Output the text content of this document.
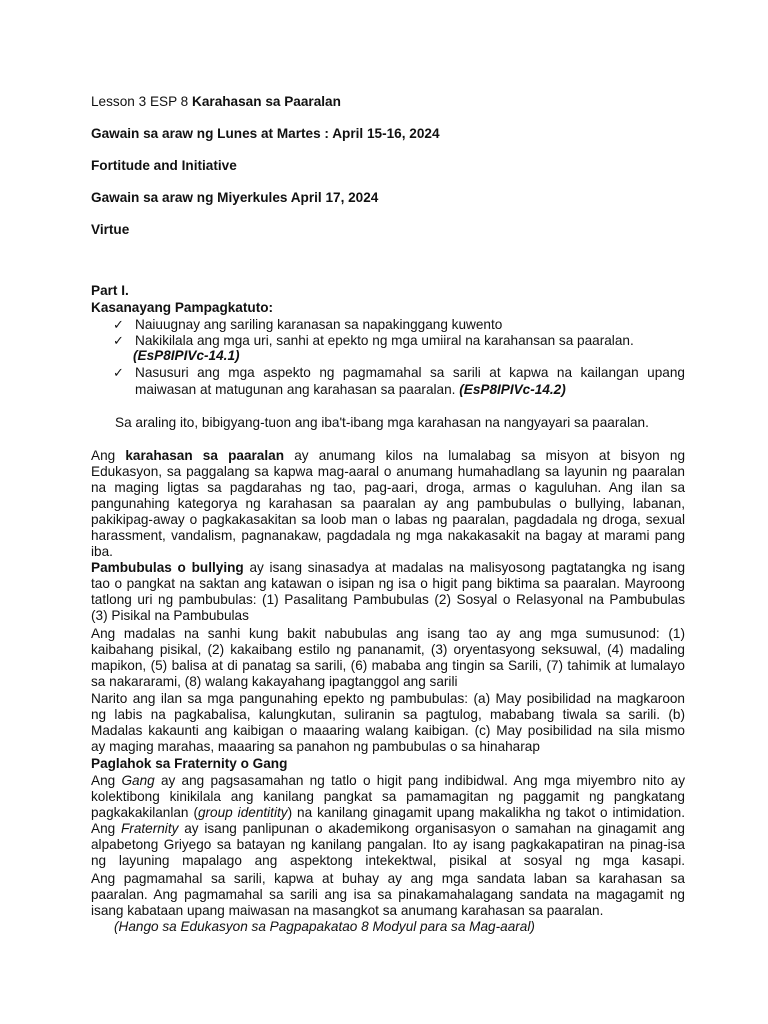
Lesson 3 ESP 8 Karahasan sa Paaralan
Gawain sa araw ng Lunes at Martes : April 15-16, 2024
Fortitude and Initiative
Gawain sa araw ng Miyerkules April 17, 2024
Virtue
Part I.
Kasanayang Pampagkatuto:
✓ Naiuugnay ang sariling karanasan sa napakinggang kuwento
✓ Nakikilala ang mga uri, sanhi at epekto ng mga umiiral na karahansan sa paaralan.
(EsP8IPIVc-14.1)
✓ Nasusuri ang mga aspekto ng pagmamahal sa sarili at kapwa na kailangan upang
maiwasan at matugunan ang karahasan sa paaralan. (EsP8IPIVc-14.2)
Sa araling ito, bibigyang-tuon ang iba't-ibang mga karahasan na nangyayari sa paaralan.
Ang karahasan sa paaralan ay anumang kilos na lumalabag sa misyon at bisyon ng
Edukasyon, sa paggalang sa kapwa mag-aaral o anumang humahadlang sa layunin ng paaralan
na maging ligtas sa pagdarahas ng tao, pag-aari, droga, armas o kaguluhan. Ang ilan sa
pangunahing kategorya ng karahasan sa paaralan ay ang pambubulas o bullying, labanan,
pakikipag-away o pagkakasakitan sa loob man o labas ng paaralan, pagdadala ng droga, sexual
harassment, vandalism, pagnanakaw, pagdadala ng mga nakakasakit na bagay at marami pang
iba.
Pambubulas o bullying ay isang sinasadya at madalas na malisyosong pagtatangka ng isang
tao o pangkat na saktan ang katawan o isipan ng isa o higit pang biktima sa paaralan. Mayroong
tatlong uri ng pambubulas: (1) Pasalitang Pambubulas (2) Sosyal o Relasyonal na Pambubulas
(3) Pisikal na Pambubulas
Ang madalas na sanhi kung bakit nabubulas ang isang tao ay ang mga sumusunod: (1)
kaibahang pisikal, (2) kakaibang estilo ng pananamit, (3) oryentasyong seksuwal, (4) madaling
mapikon, (5) balisa at di panatag sa sarili, (6) mababa ang tingin sa Sarili, (7) tahimik at lumalayo
sa nakararami, (8) walang kakayahang ipagtanggol ang sarili
Narito ang ilan sa mga pangunahing epekto ng pambubulas: (a) May posibilidad na magkaroon
ng labis na pagkabalisa, kalungkutan, suliranin sa pagtulog, mababang tiwala sa sarili. (b)
Madalas kakaunti ang kaibigan o maaaring walang kaibigan. (c) May posibilidad na sila mismo
ay maging marahas, maaaring sa panahon ng pambubulas o sa hinaharap
Paglahok sa Fraternity o Gang
Ang Gang ay ang pagsasamahan ng tatlo o higit pang indibidwal. Ang mga miyembro nito ay
kolektibong kinikilala ang kanilang pangkat sa pamamagitan ng paggamit ng pangkatang
pagkakakilanlan (group identitity) na kanilang ginagamit upang makalikha ng takot o intimidation.
Ang Fraternity ay isang panlipunan o akademikong organisasyon o samahan na ginagamit ang
alpabetong Griyego sa batayan ng kanilang pangalan. Ito ay isang pagkakapatiran na pinag-isa
ng layuning mapalago ang aspektong intekektwal, pisikal at sosyal ng mga kasapi.
Ang pagmamahal sa sarili, kapwa at buhay ay ang mga sandata laban sa karahasan sa
paaralan. Ang pagmamahal sa sarili ang isa sa pinakamahalagang sandata na magagamit ng
isang kabataan upang maiwasan na masangkot sa anumang karahasan sa paaralan.
(Hango sa Edukasyon sa Pagpapakatao 8 Modyul para sa Mag-aaral)
